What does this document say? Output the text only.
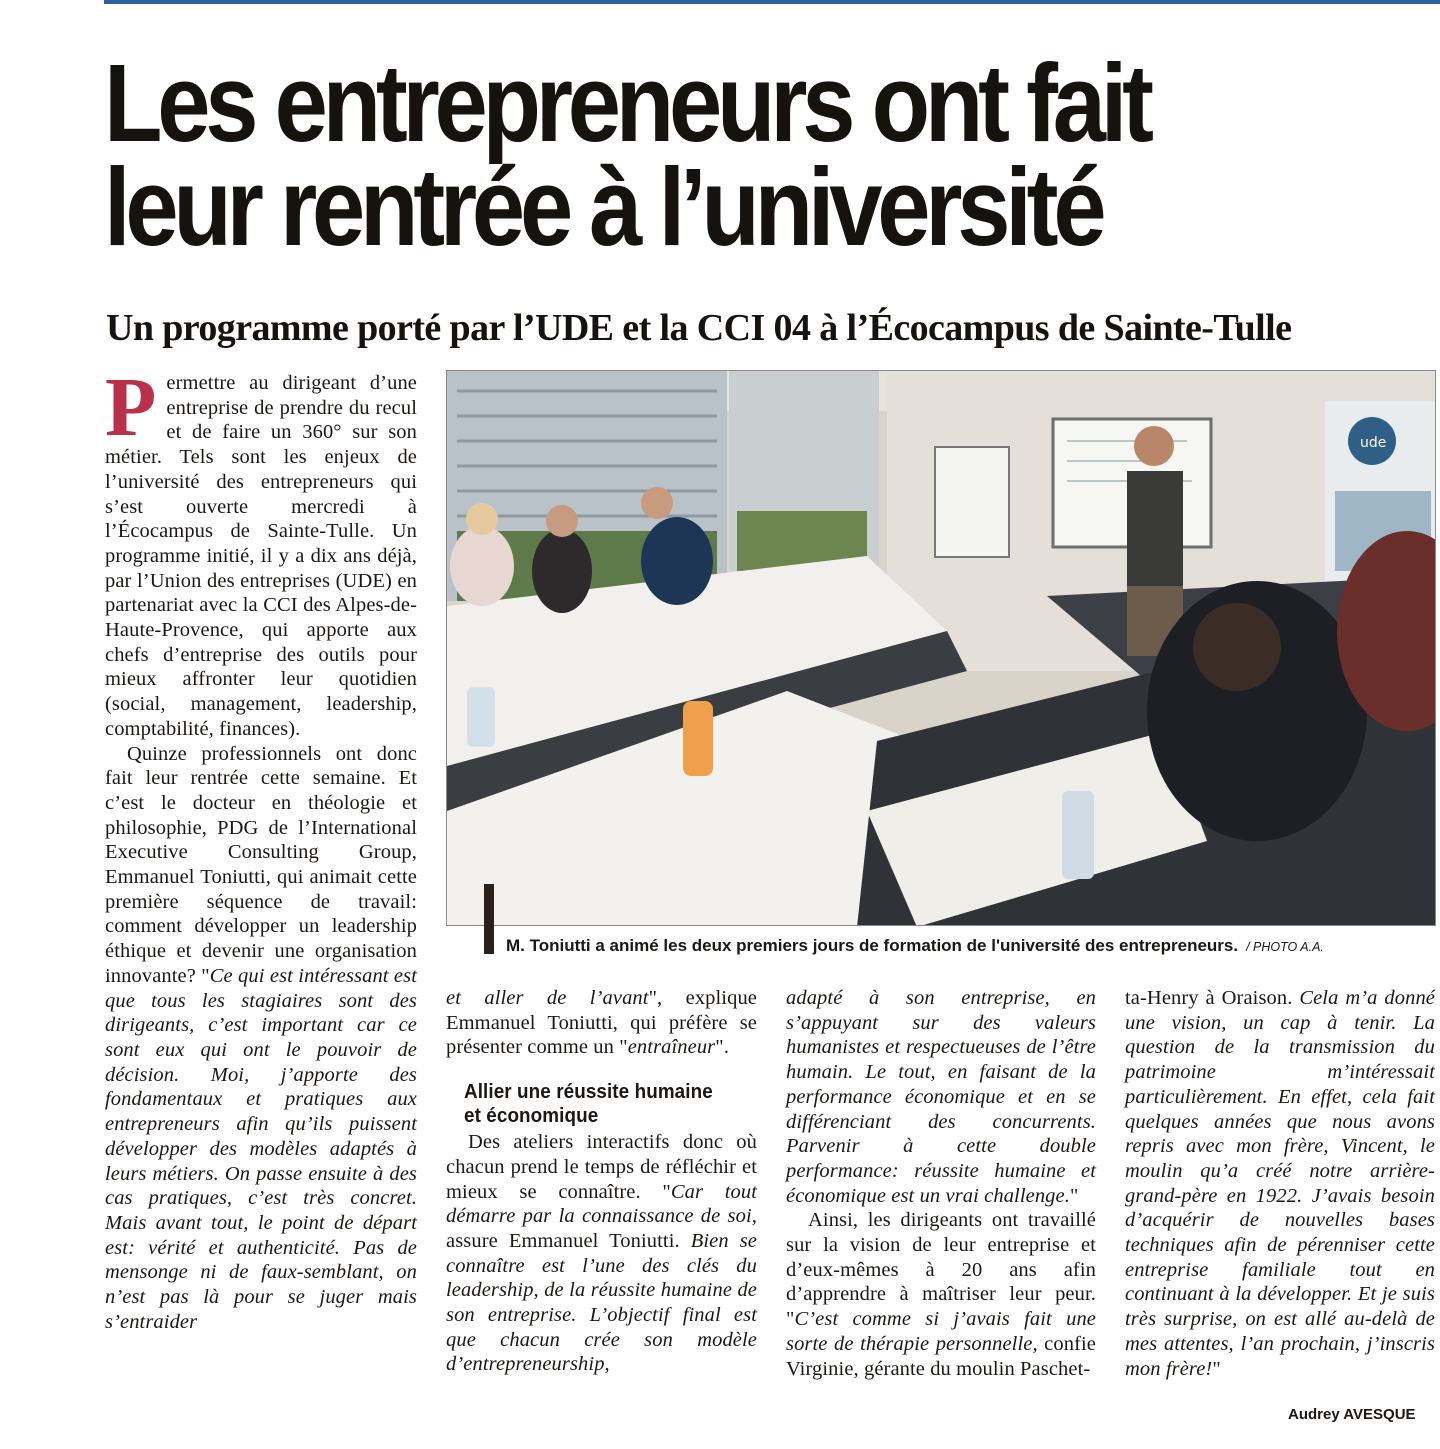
Les entrepreneurs ont fait
leur rentrée à l’université
Un programme porté par l’UDE et la CCI 04 à l’Écocampus de Sainte-Tulle
P ermettre au dirigeant d’une entreprise de prendre du recul et de faire un 360° sur son métier. Tels sont les enjeux de l’université des entrepreneurs qui s’est ouverte mercredi à l’Écocampus de Sainte-Tulle. Un programme initié, il y a dix ans déjà, par l’Union des entreprises (UDE) en partenariat avec la CCI des Alpes-de-Haute-Provence, qui apporte aux chefs d’entreprise des outils pour mieux affronter leur quotidien (social, management, leadership, comptabilité, finances).

Quinze professionnels ont donc fait leur rentrée cette semaine. Et c’est le docteur en théologie et philosophie, PDG de l’International Executive Consulting Group, Emmanuel Toniutti, qui animait cette première séquence de travail: comment développer un leadership éthique et devenir une organisation innovante? "Ce qui est intéressant est que tous les stagiaires sont des dirigeants, c’est important car ce sont eux qui ont le pouvoir de décision. Moi, j’apporte des fondamentaux et pratiques aux entrepreneurs afin qu’ils puissent développer des modèles adaptés à leurs métiers. On passe ensuite à des cas pratiques, c’est très concret. Mais avant tout, le point de départ est: vérité et authenticité. Pas de mensonge ni de faux-semblant, on n’est pas là pour se juger mais s’entraider

ude
M. Toniutti a animé les deux premiers jours de formation de l'université des entrepreneurs. / PHOTO A.A.

et aller de l’avant", explique Emmanuel Toniutti, qui préfère se présenter comme un "entraîneur".

Allier une réussite humaine et économique

Des ateliers interactifs donc où chacun prend le temps de réfléchir et mieux se connaître. "Car tout démarre par la connaissance de soi, assure Emmanuel Toniutti. Bien se connaître est l’une des clés du leadership, de la réussite humaine de son entreprise. L’objectif final est que chacun crée son modèle d’entrepreneurship,

adapté à son entreprise, en s’appuyant sur des valeurs humanistes et respectueuses de l’être humain. Le tout, en faisant de la performance économique et en se différenciant des concurrents. Parvenir à cette double performance: réussite humaine et économique est un vrai challenge."

Ainsi, les dirigeants ont travaillé sur la vision de leur entreprise et d’eux-mêmes à 20 ans afin d’apprendre à maîtriser leur peur. "C’est comme si j’avais fait une sorte de thérapie personnelle, confie Virginie, gérante du moulin Paschet-

ta-Henry à Oraison. Cela m’a donné une vision, un cap à tenir. La question de la transmission du patrimoine m’intéressait particulièrement. En effet, cela fait quelques années que nous avons repris avec mon frère, Vincent, le moulin qu’a créé notre arrière-grand-père en 1922. J’avais besoin d’acquérir de nouvelles bases techniques afin de pérenniser cette entreprise familiale tout en continuant à la développer. Et je suis très surprise, on est allé au-delà de mes attentes, l’an prochain, j’inscris mon frère!"

Audrey AVESQUE
